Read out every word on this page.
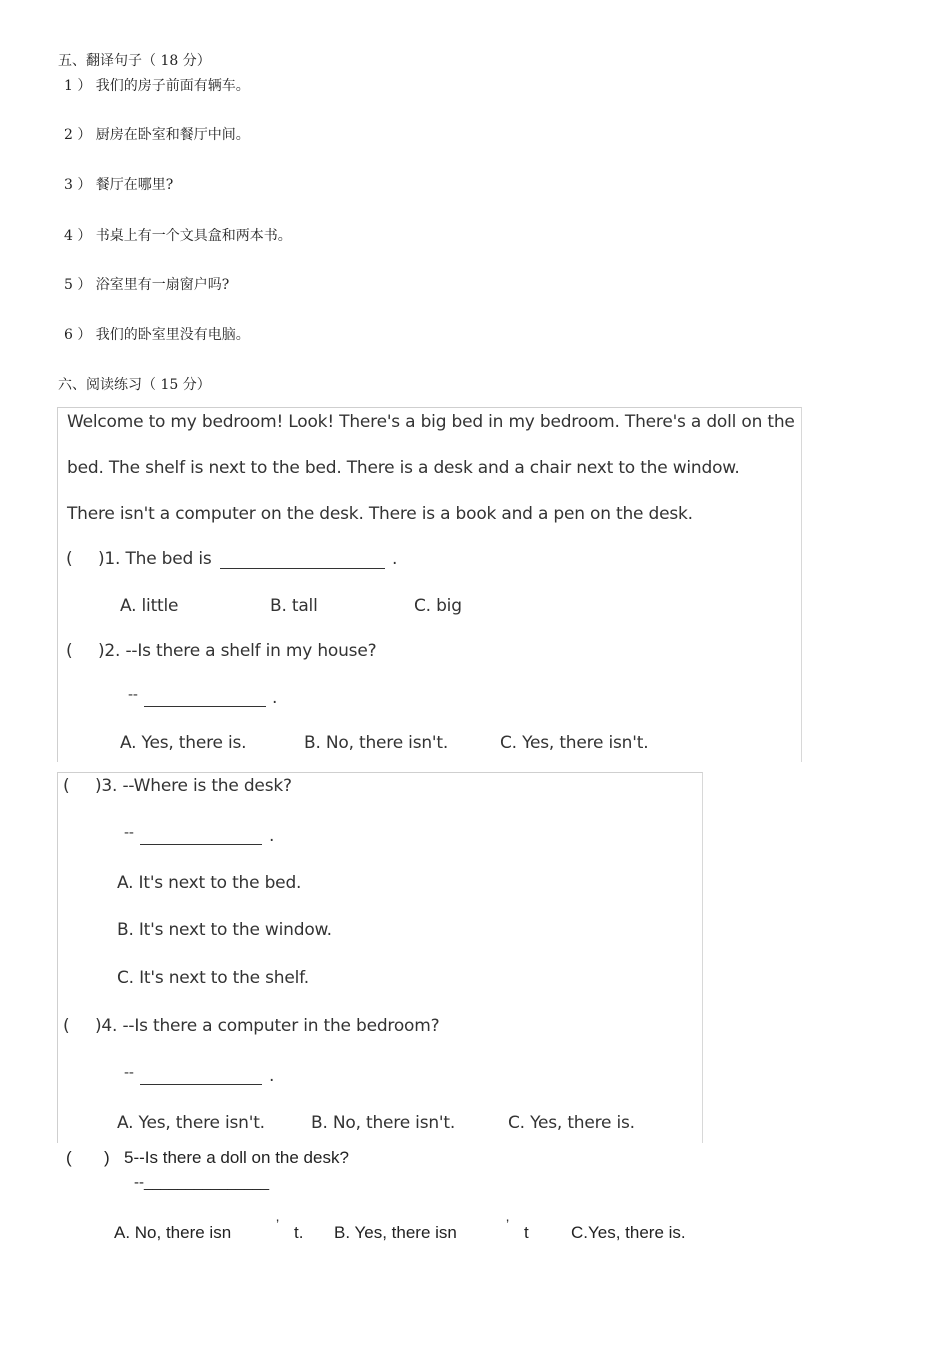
五、翻译句子（ 18 分）
1 ） 我们的房子前面有辆车。
2 ） 厨房在卧室和餐厅中间。
3 ） 餐厅在哪里?
4 ） 书桌上有一个文具盒和两本书。
5 ） 浴室里有一扇窗户吗?
6 ） 我们的卧室里没有电脑。
六、阅读练习（ 15 分）
Welcome to my bedroom! Look! There's a big bed in my bedroom. There's a doll on the
bed. The shelf is next to the bed. There is a desk and a chair next to the window.
There isn't a computer on the desk. There is a book and a pen on the desk.
( )1. The bed is	.
A. little	B. tall	C. big
( )2. --Is there a shelf in my house?
--	.
A. Yes, there is.	B. No, there isn't.	C. Yes, there isn't.
( )3. --Where is the desk?
--	.
A. It's next to the bed.
B. It's next to the window.
C. It's next to the shelf.
( )4. --Is there a computer in the bedroom?
--	.
A. Yes, there isn't.	B. No, there isn't.	C. Yes, there is.
( ) 5--Is there a doll on the desk?
--_______________
A. No, there isn	’ t. B. Yes, there isn	’ t C.Yes, there is.
